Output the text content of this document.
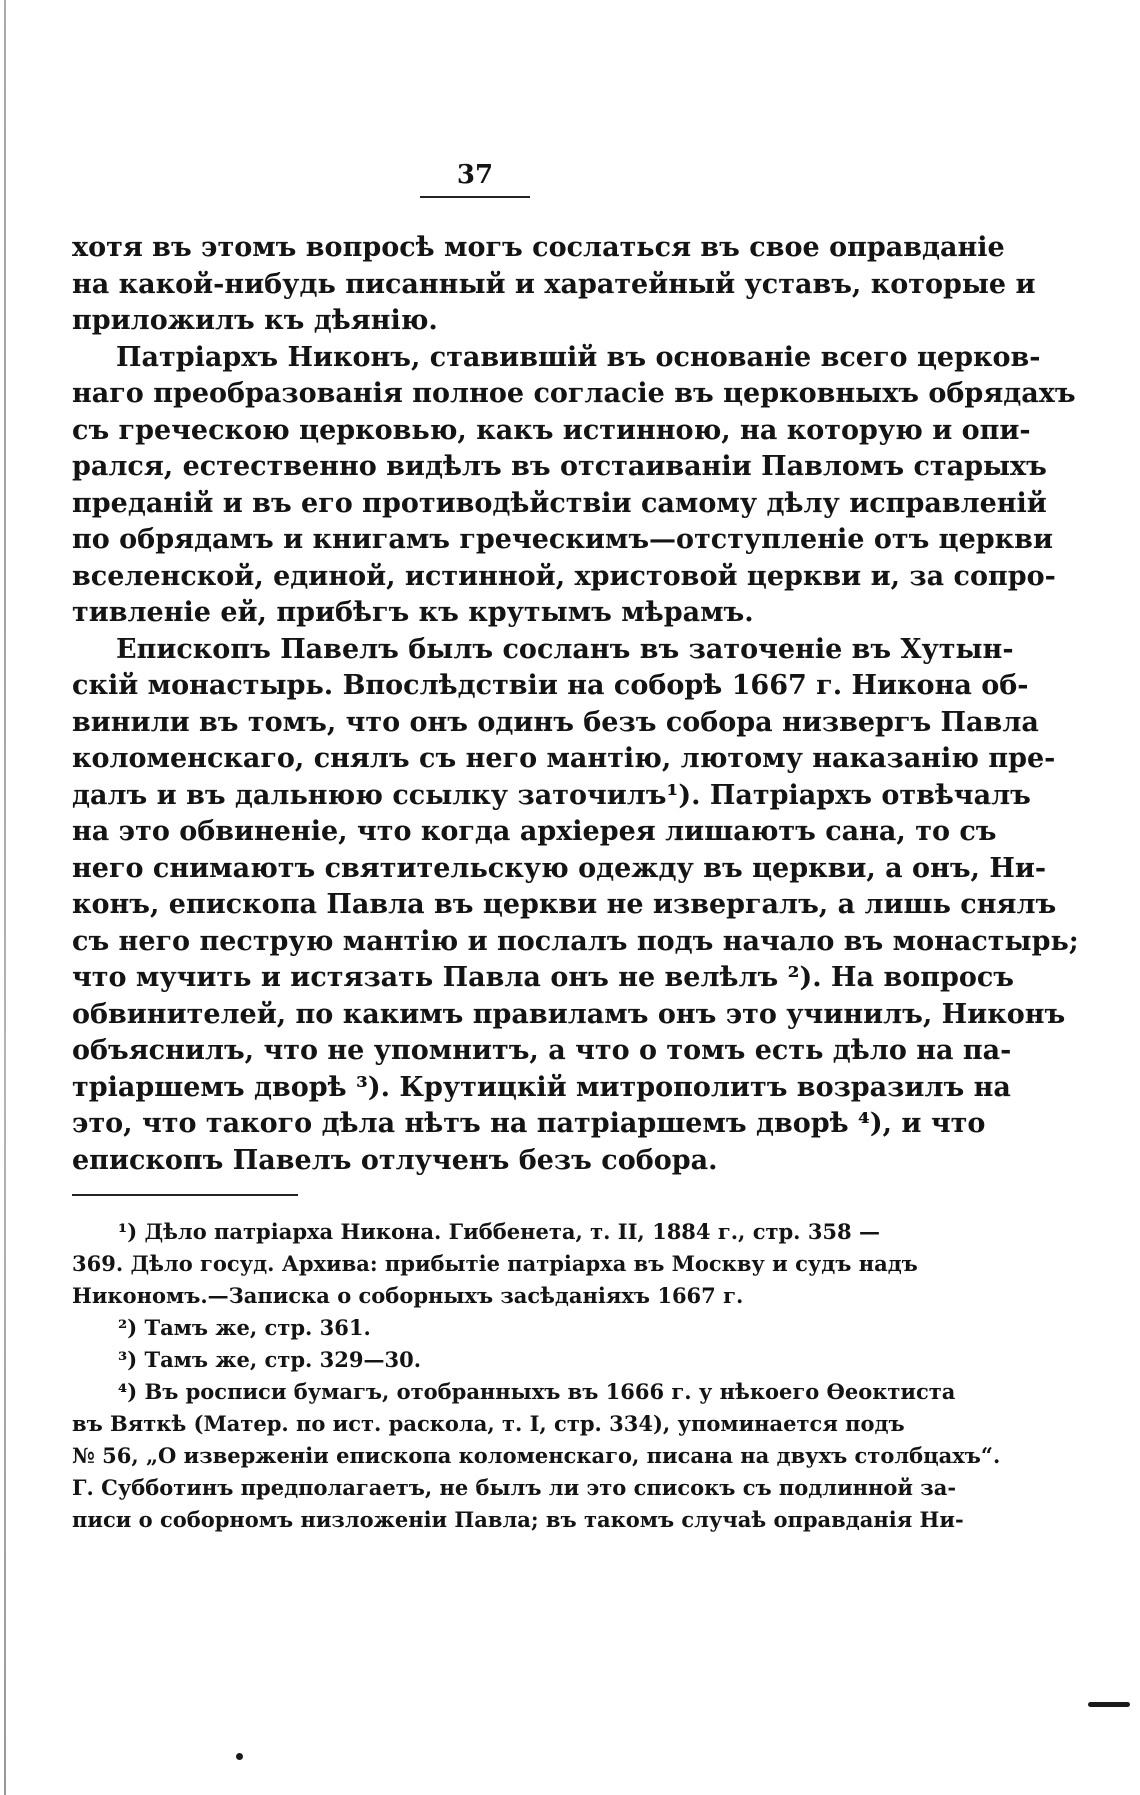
37
хотя въ этомъ вопросѣ могъ сослаться въ свое оправданіе
на какой-нибудь писанный и харатейный уставъ, которые и
приложилъ къ дѣянію.
Патріархъ Никонъ, ставившій въ основаніе всего церков-
наго преобразованія полное согласіе въ церковныхъ обрядахъ
съ греческою церковью, какъ истинною, на которую и опи-
рался, естественно видѣлъ въ отстаиваніи Павломъ старыхъ
преданій и въ его противодѣйствіи самому дѣлу исправленій
по обрядамъ и книгамъ греческимъ—отступленіе отъ церкви
вселенской, единой, истинной, христовой церкви и, за сопро-
тивленіе ей, прибѣгъ къ крутымъ мѣрамъ.
Епископъ Павелъ былъ сосланъ въ заточеніе въ Хутын-
скій монастырь. Впослѣдствіи на соборѣ 1667 г. Никона об-
винили въ томъ, что онъ одинъ безъ собора низвергъ Павла
коломенскаго, снялъ съ него мантію, лютому наказанію пре-
далъ и въ дальнюю ссылку заточилъ¹). Патріархъ отвѣчалъ
на это обвиненіе, что когда архіерея лишаютъ сана, то съ
него снимаютъ святительскую одежду въ церкви, а онъ, Ни-
конъ, епископа Павла въ церкви не извергалъ, а лишь снялъ
съ него пеструю мантію и послалъ подъ начало въ монастырь;
что мучить и истязать Павла онъ не велѣлъ ²). На вопросъ
обвинителей, по какимъ правиламъ онъ это учинилъ, Никонъ
объяснилъ, что не упомнитъ, а что о томъ есть дѣло на па-
тріаршемъ дворѣ ³). Крутицкій митрополитъ возразилъ на
это, что такого дѣла нѣтъ на патріаршемъ дворѣ ⁴), и что
епископъ Павелъ отлученъ безъ собора.
¹) Дѣло патріарха Никона. Гиббенета, т. II, 1884 г., стр. 358 —
369. Дѣло госуд. Архива: прибытіе патріарха въ Москву и судъ надъ
Никономъ.—Записка о соборныхъ засѣданіяхъ 1667 г.
²) Тамъ же, стр. 361.
³) Тамъ же, стр. 329—30.
⁴) Въ росписи бумагъ, отобранныхъ въ 1666 г. у нѣкоего Ѳеоктиста
въ Вяткѣ (Матер. по ист. раскола, т. I, стр. 334), упоминается подъ
№ 56, „О изверженіи епископа коломенскаго, писана на двухъ столбцахъ“.
Г. Субботинъ предполагаетъ, не былъ ли это списокъ съ подлинной за-
писи о соборномъ низложеніи Павла; въ такомъ случаѣ оправданія Ни-
